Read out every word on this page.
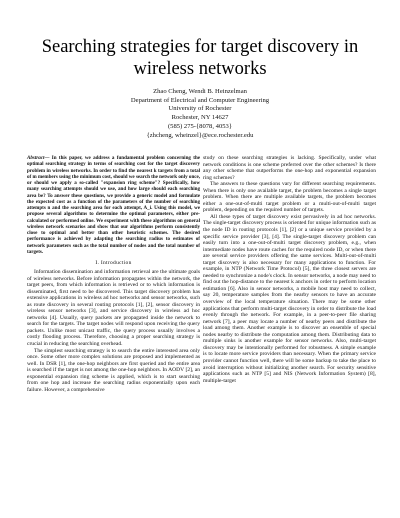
Searching strategies for target discovery in wireless networks
Zhao Cheng, Wendi B. Heinzelman
Department of Electrical and Computer Engineering
University of Rochester
Rochester, NY 14627
(585) 275-{8078, 4053}
{zhcheng, wheinzel}@ece.rochester.edu

Abstract— In this paper, we address a fundamental problem concerning the optimal searching strategy in terms of searching cost for the target discovery problem in wireless networks. In order to find the nearest k targets from a total of m members using the minimum cost, should we search the network only once, or should we apply a so-called "expansion ring scheme"? Specifically, how many searching attempts should we use, and how large should each searching area be? To answer these questions, we provide a generic model and formulate the expected cost as a function of the parameters of the number of searching attempts n and the searching area for each attempt, A_i. Using this model, we propose several algorithms to determine the optimal parameters, either pre-calculated or performed online. We experiment with these algorithms on general wireless network scenarios and show that our algorithms perform consistently close to optimal and better than other heuristic schemes. The desired performance is achieved by adapting the searching radius to estimates of network parameters such as the total number of nodes and the total number of targets.

I. Introduction

Information dissemination and information retrieval are the ultimate goals of wireless networks. Before information propagates within the network, the target peers, from which information is retrieved or to which information is disseminated, first need to be discovered. This target discovery problem has extensive applications in wireless ad hoc networks and sensor networks, such as route discovery in several routing protocols [1], [2], sensor discovery in wireless sensor networks [3], and service discovery in wireless ad hoc networks [4]. Usually, query packets are propagated inside the network to search for the targets. The target nodes will respond upon receiving the query packets. Unlike most unicast traffic, the query process usually involves a costly flooding process. Therefore, choosing a proper searching strategy is crucial in reducing the searching overhead.

The simplest searching strategy is to search the entire interested area only once. Some other more complex solutions are proposed and implemented as well. In DSR [1], the one-hop neighbors are first queried and the entire area is searched if the target is not among the one-hop neighbors. In AODV [2], an exponential expansion ring scheme is applied, which is to start searching from one hop and increase the searching radius exponentially upon each failure. However, a comprehensive

study on these searching strategies is lacking. Specifically, under what network conditions is one scheme preferred over the other schemes? Is there any other scheme that outperforms the one-hop and exponential expansion ring schemes?

The answers to these questions vary for different searching requirements. When there is only one available target, the problem becomes a single target problem. When there are multiple available targets, the problem becomes either a one-out-of-multi target problem or a multi-out-of-multi target problem, depending on the required number of targets.

All these types of target discovery exist pervasively in ad hoc networks. The single-target discovery process is oriented for unique information such as the node ID in routing protocols [1], [2] or a unique service provided by a specific service provider [3], [4]. The single-target discovery problem can easily turn into a one-out-of-multi target discovery problem, e.g., when intermediate nodes have route caches for the required node ID, or when there are several service providers offering the same services. Multi-out-of-multi target discovery is also necessary for many applications to function. For example, in NTP (Network Time Protocol) [5], the three closest servers are needed to synchronize a node's clock. In sensor networks, a node may need to find out the hop-distance to the nearest k anchors in order to perform location estimation [6]. Also in sensor networks, a mobile host may need to collect, say 20, temperature samples from the nearby sensors to have an accurate overview of the local temperature situation. There may be some other applications that perform multi-target discovery in order to distribute the load evenly through the network. For example, in a peer-to-peer file sharing network [7], a peer may locate a number of nearby peers and distribute the load among them. Another example is to discover an ensemble of special nodes nearby to distribute the computation among them. Distributing data to multiple sinks is another example for sensor networks. Also, multi-target discovery may be intentionally performed for robustness. A simple example is to locate more service providers than necessary. When the primary service provider cannot function well, there will be some backup to take the place to avoid interruption without initializing another search. For security sensitive applications such as NTP [5] and NIS (Network Information System) [8], multiple-target
